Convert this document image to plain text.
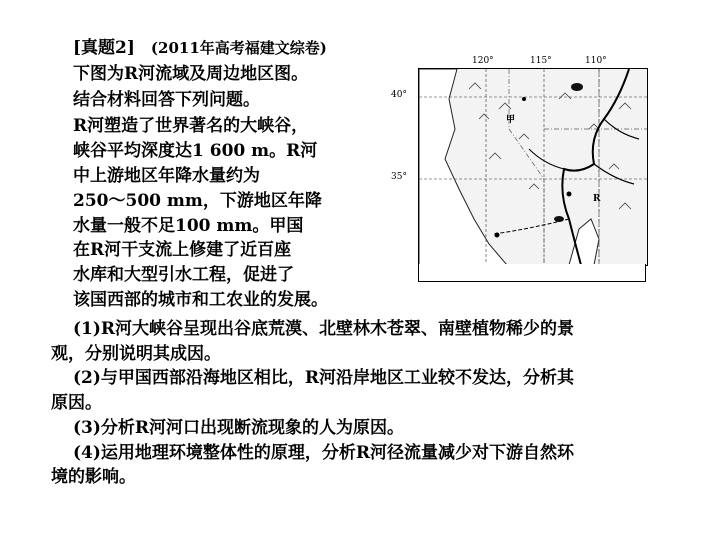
[真题2] (2011年高考福建文综卷)
下图为R河流域及周边地区图。
结合材料回答下列问题。
R河塑造了世界著名的大峡谷，
峡谷平均深度达1 600 m。R河
中上游地区年降水量约为
250～500 mm，下游地区年降
水量一般不足100 mm。甲国
在R河干支流上修建了近百座
水库和大型引水工程，促进了
该国西部的城市和工农业的发展。
120°	115°	110°
40°
35°
R
甲
(1)R河大峡谷呈现出谷底荒漠、北壁林木苍翠、南壁植物稀少的景
观，分别说明其成因。
(2)与甲国西部沿海地区相比，R河沿岸地区工业较不发达，分析其
原因。
(3)分析R河河口出现断流现象的人为原因。
(4)运用地理环境整体性的原理，分析R河径流量减少对下游自然环
境的影响。
